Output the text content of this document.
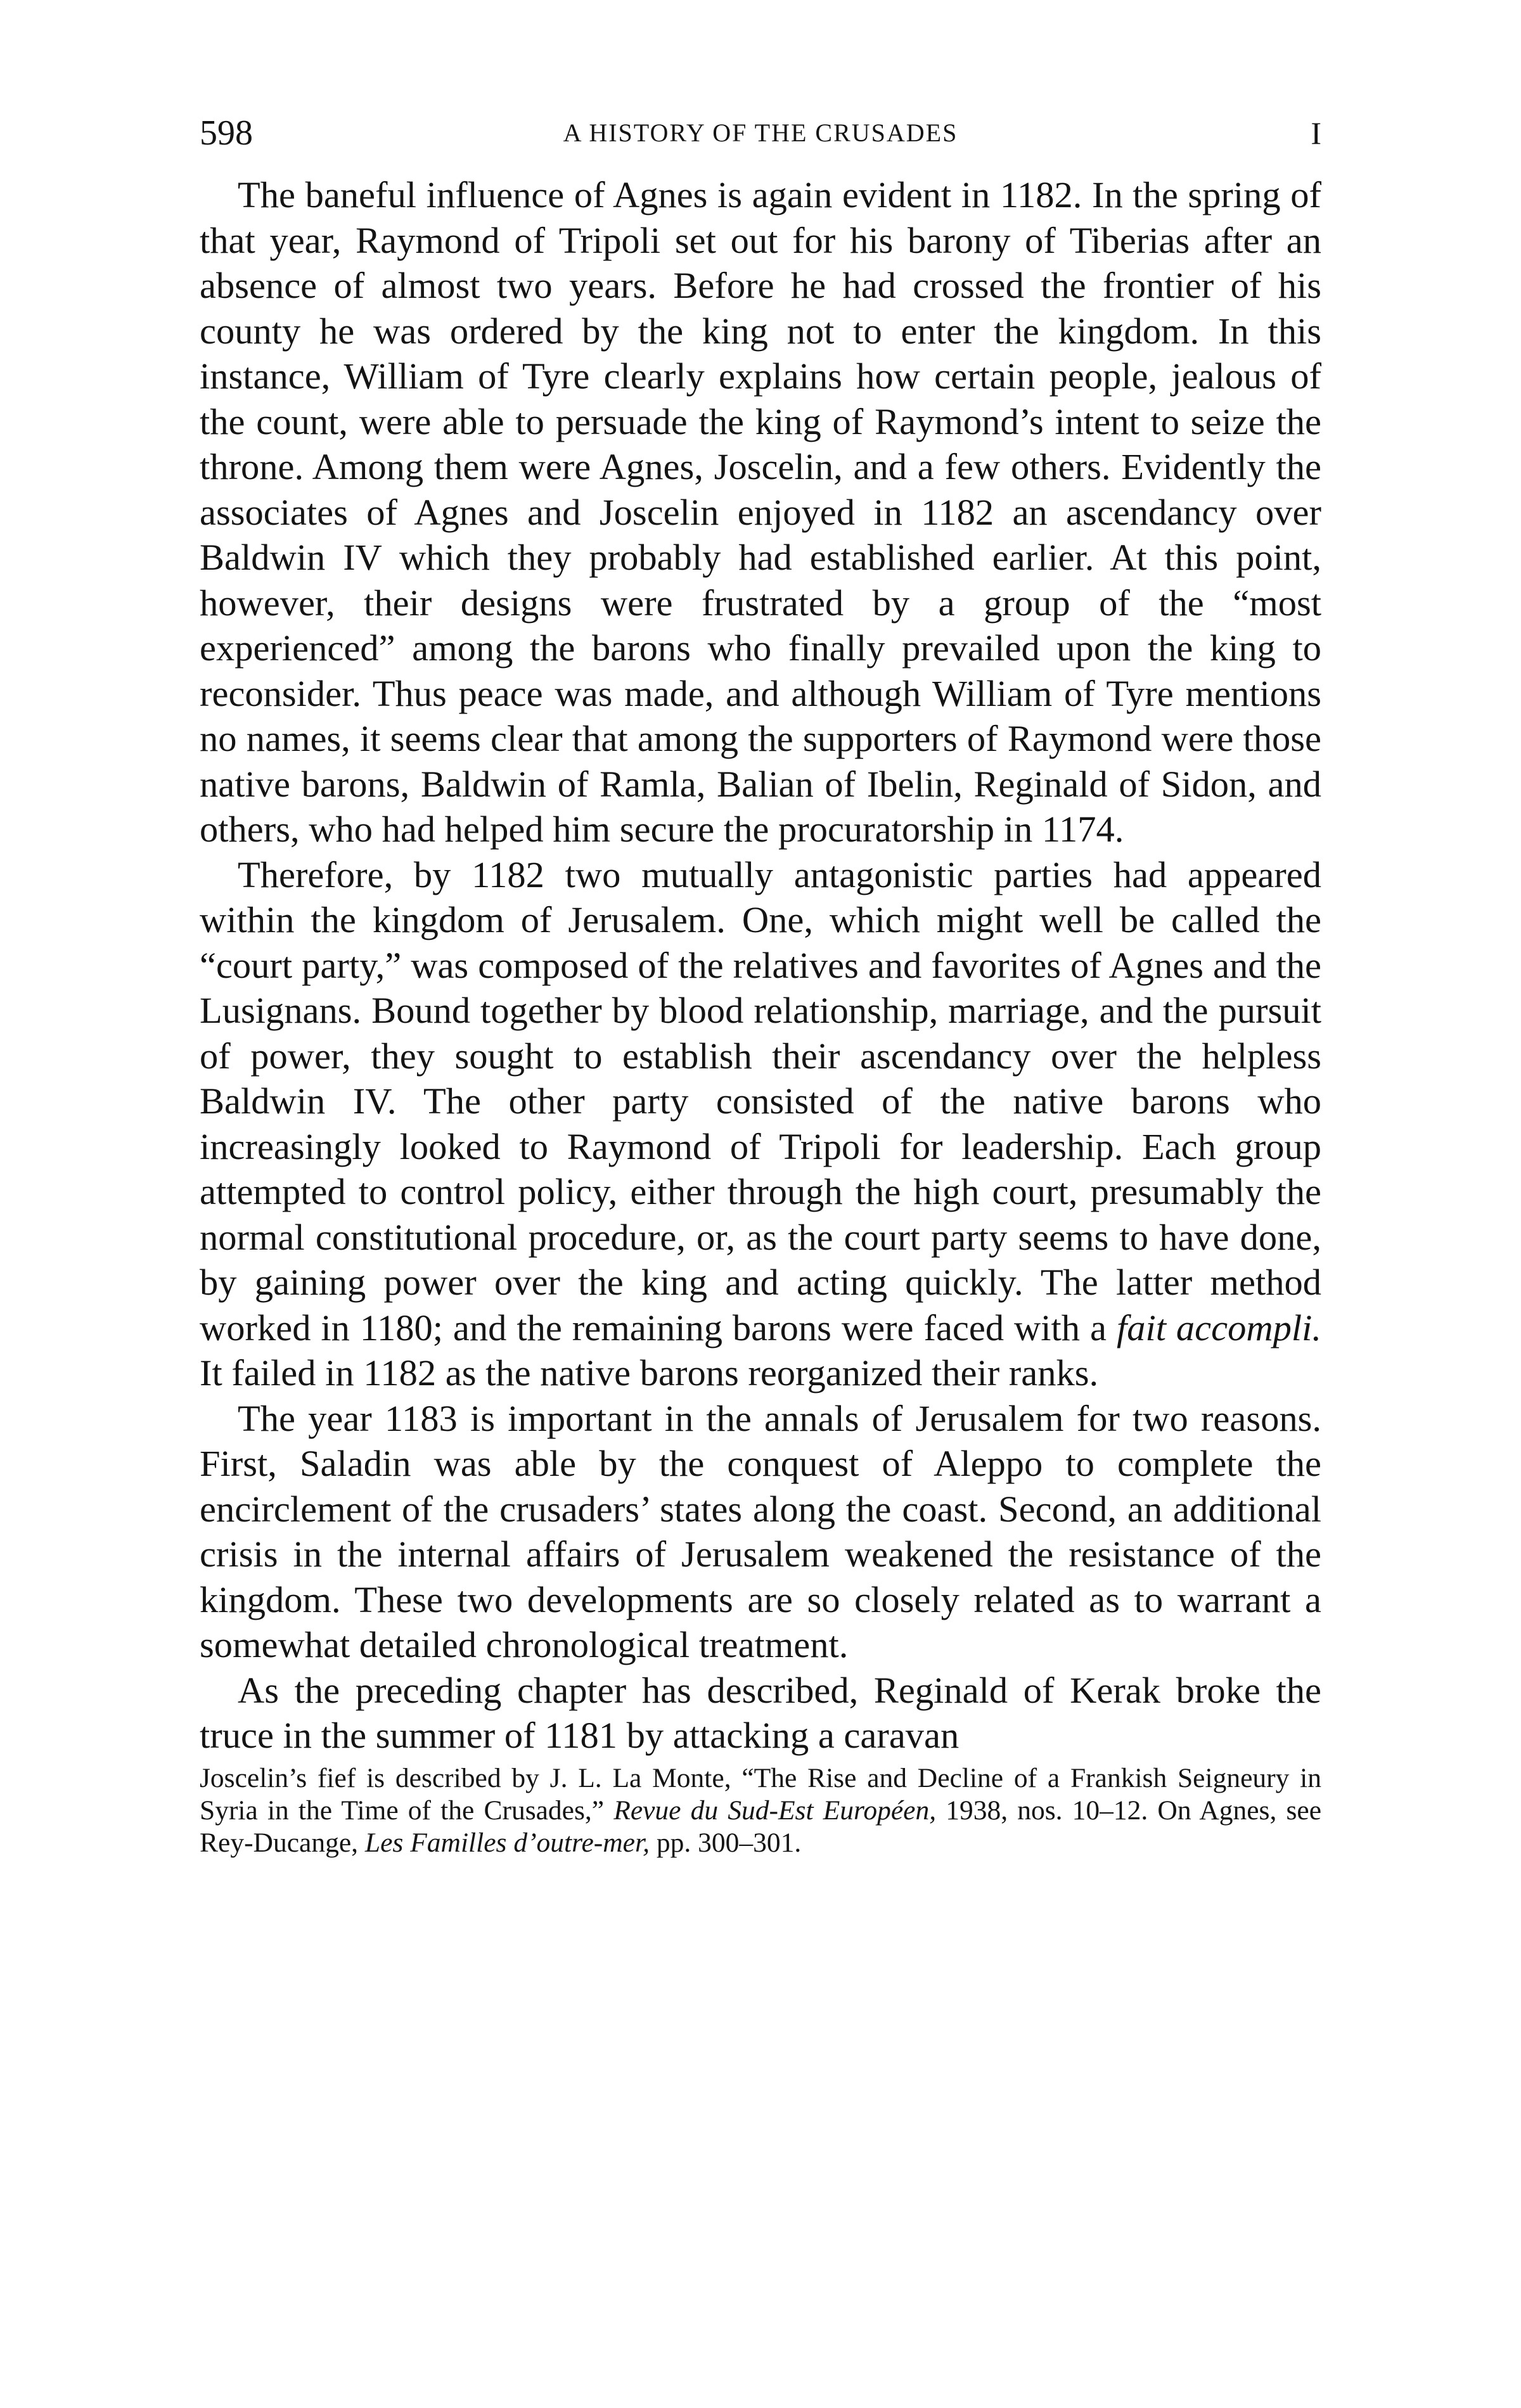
598	A HISTORY OF THE CRUSADES	I

The baneful influence of Agnes is again evident in 1182. In the spring of that year, Raymond of Tripoli set out for his barony of Tiberias after an absence of almost two years. Before he had crossed the frontier of his county he was ordered by the king not to enter the kingdom. In this instance, William of Tyre clearly explains how certain people, jealous of the count, were able to persuade the king of Raymond’s intent to seize the throne. Among them were Agnes, Joscelin, and a few others. Evidently the associates of Agnes and Joscelin enjoyed in 1182 an ascendancy over Baldwin IV which they probably had established earlier. At this point, however, their designs were frustrated by a group of the “most experienced” among the barons who finally prevailed upon the king to reconsider. Thus peace was made, and although William of Tyre mentions no names, it seems clear that among the supporters of Raymond were those native barons, Baldwin of Ramla, Balian of Ibelin, Reginald of Sidon, and others, who had helped him secure the procuratorship in 1174.

Therefore, by 1182 two mutually antagonistic parties had appeared within the kingdom of Jerusalem. One, which might well be called the “court party,” was composed of the relatives and favorites of Agnes and the Lusignans. Bound together by blood relationship, marriage, and the pursuit of power, they sought to establish their ascendancy over the helpless Baldwin IV. The other party consisted of the native barons who increasingly looked to Raymond of Tripoli for leadership. Each group attempted to control policy, either through the high court, presumably the normal constitutional procedure, or, as the court party seems to have done, by gaining power over the king and acting quickly. The latter method worked in 1180; and the remaining barons were faced with a fait accompli. It failed in 1182 as the native barons reorganized their ranks.

The year 1183 is important in the annals of Jerusalem for two reasons. First, Saladin was able by the conquest of Aleppo to complete the encirclement of the crusaders’ states along the coast. Second, an additional crisis in the internal affairs of Jerusalem weakened the resistance of the kingdom. These two developments are so closely related as to warrant a somewhat detailed chronological treatment.

As the preceding chapter has described, Reginald of Kerak broke the truce in the summer of 1181 by attacking a caravan

Joscelin’s fief is described by J. L. La Monte, “The Rise and Decline of a Frankish Seigneury in Syria in the Time of the Crusades,” Revue du Sud-Est Européen, 1938, nos. 10–12. On Agnes, see Rey-Ducange, Les Familles d’outre-mer, pp. 300–301.
